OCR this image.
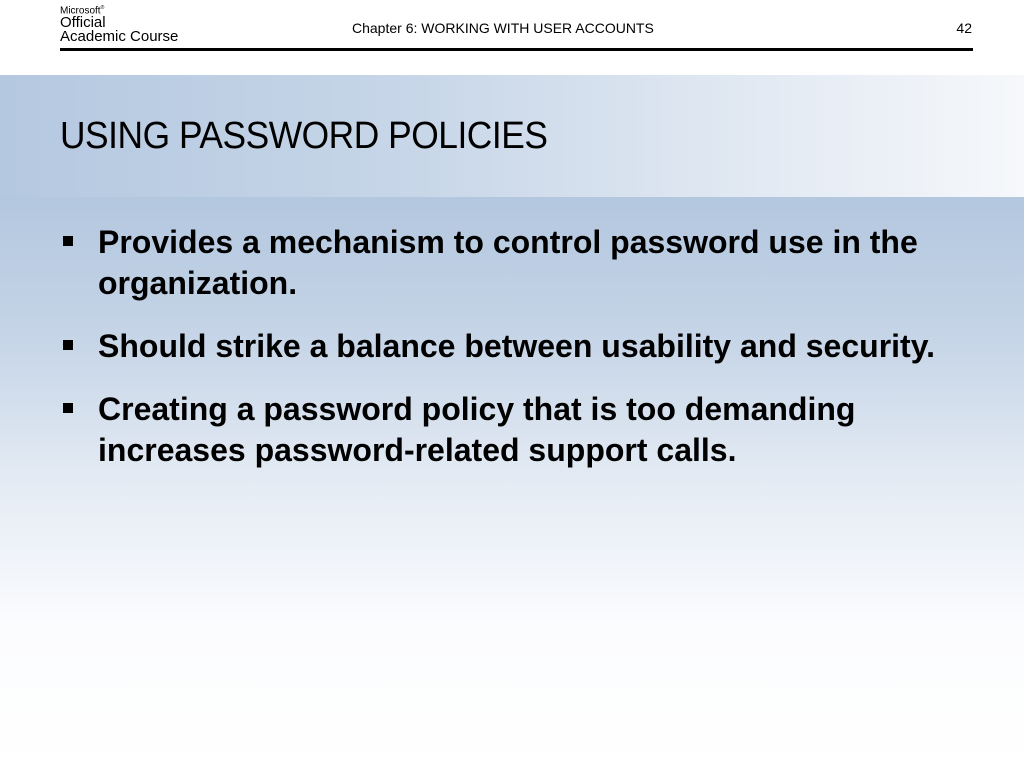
Microsoft®
Official
Academic Course
Chapter 6: WORKING WITH USER ACCOUNTS	42
USING PASSWORD POLICIES
Provides a mechanism to control password use in the organization.
Should strike a balance between usability and security.
Creating a password policy that is too demanding increases password-related support calls.
